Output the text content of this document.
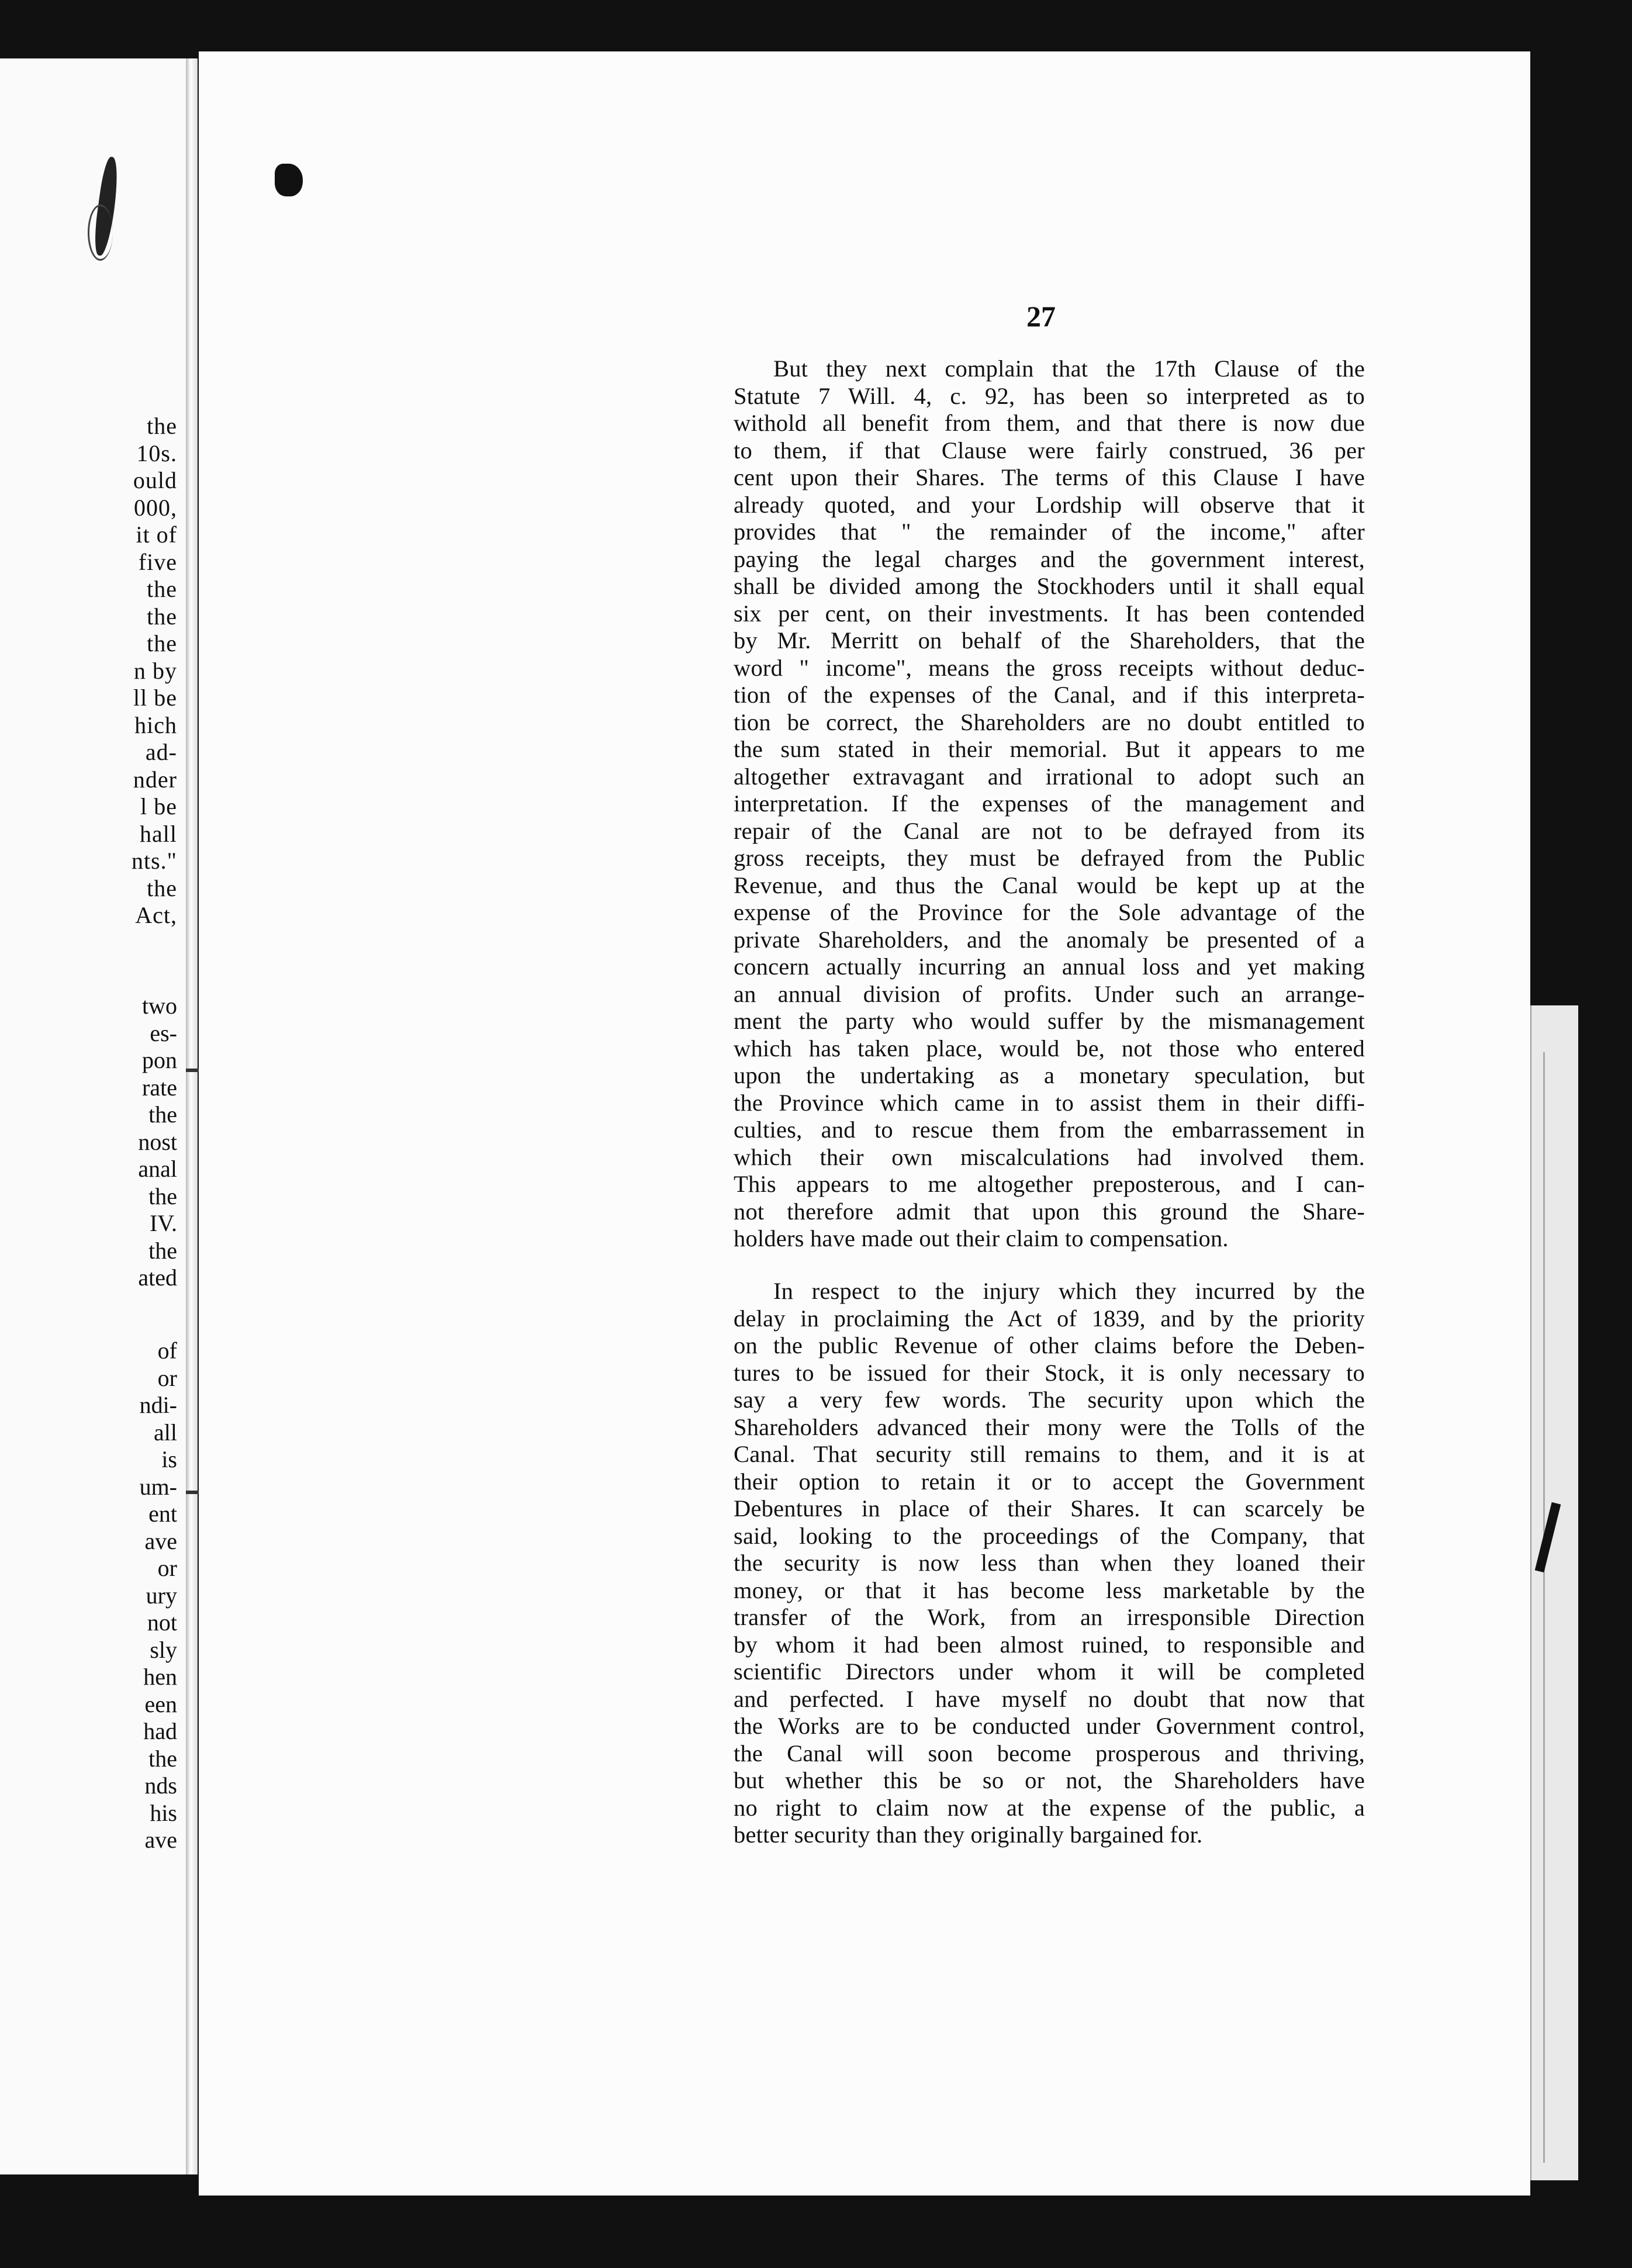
the
10s.
ould
000,
it of
five
the
the
the
n by
ll be
hich
ad-
nder
l be
hall
nts."
the
Act,
two
es-
pon
rate
the
nost
anal
the
IV.
the
ated
of
or
ndi-
all
is
um-
ent
ave
or
ury
not
sly
hen
een
had
the
nds
his
ave
27
But they next complain that the 17th Clause of the
Statute 7 Will. 4, c. 92, has been so interpreted as to
withold all benefit from them, and that there is now due
to them, if that Clause were fairly construed, 36 per
cent upon their Shares. The terms of this Clause I have
already quoted, and your Lordship will observe that it
provides that " the remainder of the income," after
paying the legal charges and the government interest,
shall be divided among the Stockhoders until it shall equal
six per cent, on their investments. It has been contended
by Mr. Merritt on behalf of the Shareholders, that the
word " income", means the gross receipts without deduc-
tion of the expenses of the Canal, and if this interpreta-
tion be correct, the Shareholders are no doubt entitled to
the sum stated in their memorial. But it appears to me
altogether extravagant and irrational to adopt such an
interpretation. If the expenses of the management and
repair of the Canal are not to be defrayed from its
gross receipts, they must be defrayed from the Public
Revenue, and thus the Canal would be kept up at the
expense of the Province for the Sole advantage of the
private Shareholders, and the anomaly be presented of a
concern actually incurring an annual loss and yet making
an annual division of profits. Under such an arrange-
ment the party who would suffer by the mismanagement
which has taken place, would be, not those who entered
upon the undertaking as a monetary speculation, but
the Province which came in to assist them in their diffi-
culties, and to rescue them from the embarrassement in
which their own miscalculations had involved them.
This appears to me altogether preposterous, and I can-
not therefore admit that upon this ground the Share-
holders have made out their claim to compensation.
In respect to the injury which they incurred by the
delay in proclaiming the Act of 1839, and by the priority
on the public Revenue of other claims before the Deben-
tures to be issued for their Stock, it is only necessary to
say a very few words. The security upon which the
Shareholders advanced their mony were the Tolls of the
Canal. That security still remains to them, and it is at
their option to retain it or to accept the Government
Debentures in place of their Shares. It can scarcely be
said, looking to the proceedings of the Company, that
the security is now less than when they loaned their
money, or that it has become less marketable by the
transfer of the Work, from an irresponsible Direction
by whom it had been almost ruined, to responsible and
scientific Directors under whom it will be completed
and perfected. I have myself no doubt that now that
the Works are to be conducted under Government control,
the Canal will soon become prosperous and thriving,
but whether this be so or not, the Shareholders have
no right to claim now at the expense of the public, a
better security than they originally bargained for.
